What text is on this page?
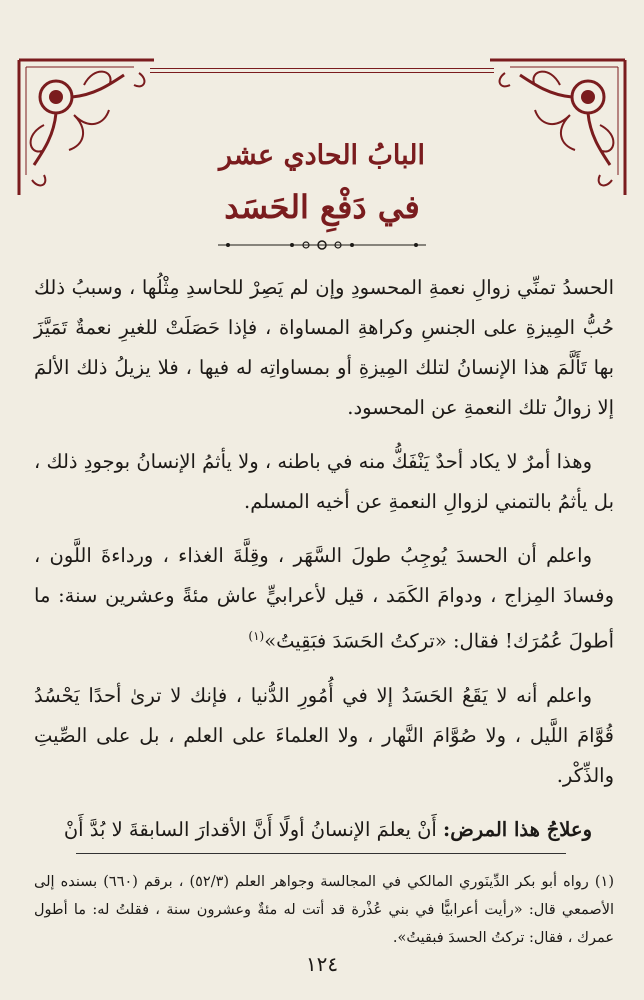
البابُ الحادي عشر
في دَفْعِ الحَسَد

الحسدُ تمنِّي زوالِ نعمةِ المحسودِ وإن لم يَصِرْ للحاسدِ مِثْلُها ، وسببُ ذلك حُبُّ المِيزةِ على الجنسِ وكراهةِ المساواة ، فإذا حَصَلَتْ للغيرِ نعمةٌ تَمَيَّزَ بها تَأَلَّمَ هذا الإنسانُ لتلك المِيزةِ أو بمساواتِه له فيها ، فلا يزيلُ ذلك الألمَ إلا زوالُ تلك النعمةِ عن المحسود.

وهذا أمرٌ لا يكاد أحدٌ يَنْفَكُّ منه في باطنه ، ولا يأثمُ الإنسانُ بوجودِ ذلك ، بل يأثمُ بالتمني لزوالِ النعمةِ عن أخيه المسلم.

واعلم أن الحسدَ يُوجِبُ طولَ السَّهَر ، وقِلَّةَ الغذاء ، ورداءةَ اللَّون ، وفسادَ المِزاج ، ودوامَ الكَمَد ، قيل لأعرابيٍّ عاش مئةً وعشرين سنة: ما أطولَ عُمُرَك! فقال: «تركتُ الحَسَدَ فبَقِيتُ»$^{(١)}$

واعلم أنه لا يَقَعُ الحَسَدُ إلا في أُمُورِ الدُّنيا ، فإنك لا ترىٰ أحدًا يَحْسُدُ قُوَّامَ اللَّيل ، ولا صُوَّامَ النَّهار ، ولا العلماءَ على العلم ، بل على الصِّيتِ والذِّكْر.

وعلاجُ هذا المرض: أَنْ يعلمَ الإنسانُ أولًا أَنَّ الأقدارَ السابقةَ لا بُدَّ أَنْ

(١) رواه أبو بكر الدِّينَوري المالكي في المجالسة وجواهر العلم (٥٢/٣) ، برقم (٦٦٠) بسنده إلى الأصمعي قال: «رأيت أعرابيًّا في بني عُذْرة قد أتت له مئةٌ وعشرون سنة ، فقلتُ له: ما أطول عمرك ، فقال: تركتُ الحسدَ فبقيتُ».
١٢٤
